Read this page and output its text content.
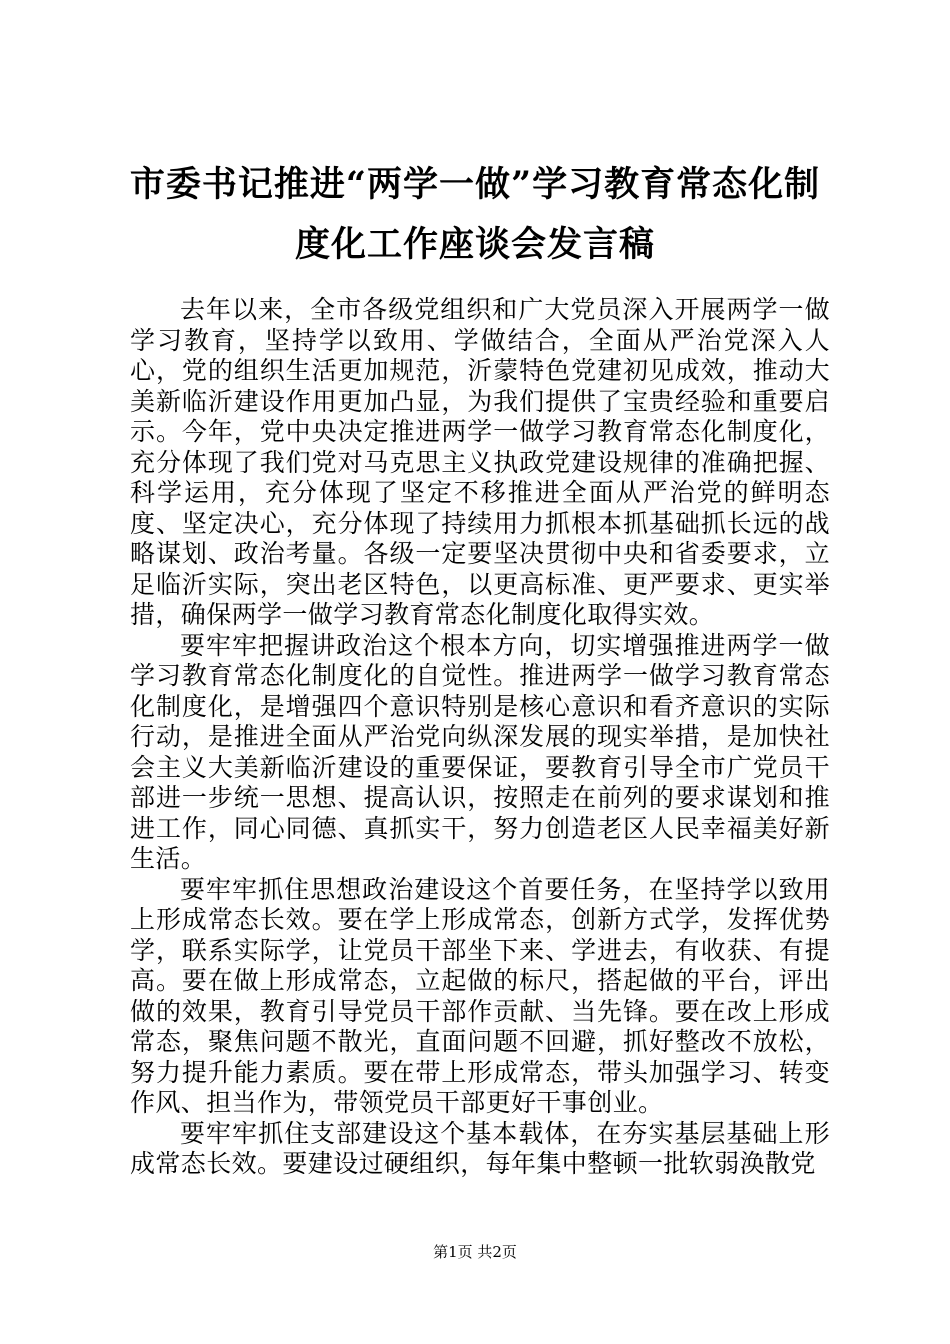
市委书记推进“两学一做”学习教育常态化制
度化工作座谈会发言稿

去年以来，全市各级党组织和广大党员深入开展两学一做学习教育，坚持学以致用、学做结合，全面从严治党深入人心，党的组织生活更加规范，沂蒙特色党建初见成效，推动大美新临沂建设作用更加凸显，为我们提供了宝贵经验和重要启示。今年，党中央决定推进两学一做学习教育常态化制度化，充分体现了我们党对马克思主义执政党建设规律的准确把握、科学运用，充分体现了坚定不移推进全面从严治党的鲜明态度、坚定决心，充分体现了持续用力抓根本抓基础抓长远的战略谋划、政治考量。各级一定要坚决贯彻中央和省委要求，立足临沂实际，突出老区特色，以更高标准、更严要求、更实举措，确保两学一做学习教育常态化制度化取得实效。

要牢牢把握讲政治这个根本方向，切实增强推进两学一做学习教育常态化制度化的自觉性。推进两学一做学习教育常态化制度化，是增强四个意识特别是核心意识和看齐意识的实际行动，是推进全面从严治党向纵深发展的现实举措，是加快社会主义大美新临沂建设的重要保证，要教育引导全市广党员干部进一步统一思想、提高认识，按照走在前列的要求谋划和推进工作，同心同德、真抓实干，努力创造老区人民幸福美好新生活。

要牢牢抓住思想政治建设这个首要任务，在坚持学以致用上形成常态长效。要在学上形成常态，创新方式学，发挥优势学，联系实际学，让党员干部坐下来、学进去，有收获、有提高。要在做上形成常态，立起做的标尺，搭起做的平台，评出做的效果，教育引导党员干部作贡献、当先锋。要在改上形成常态，聚焦问题不散光，直面问题不回避，抓好整改不放松，努力提升能力素质。要在带上形成常态，带头加强学习、转变作风、担当作为，带领党员干部更好干事创业。

要牢牢抓住支部建设这个基本载体，在夯实基层基础上形成常态长效。要建设过硬组织，每年集中整顿一批软弱涣散党

第1页 共2页
